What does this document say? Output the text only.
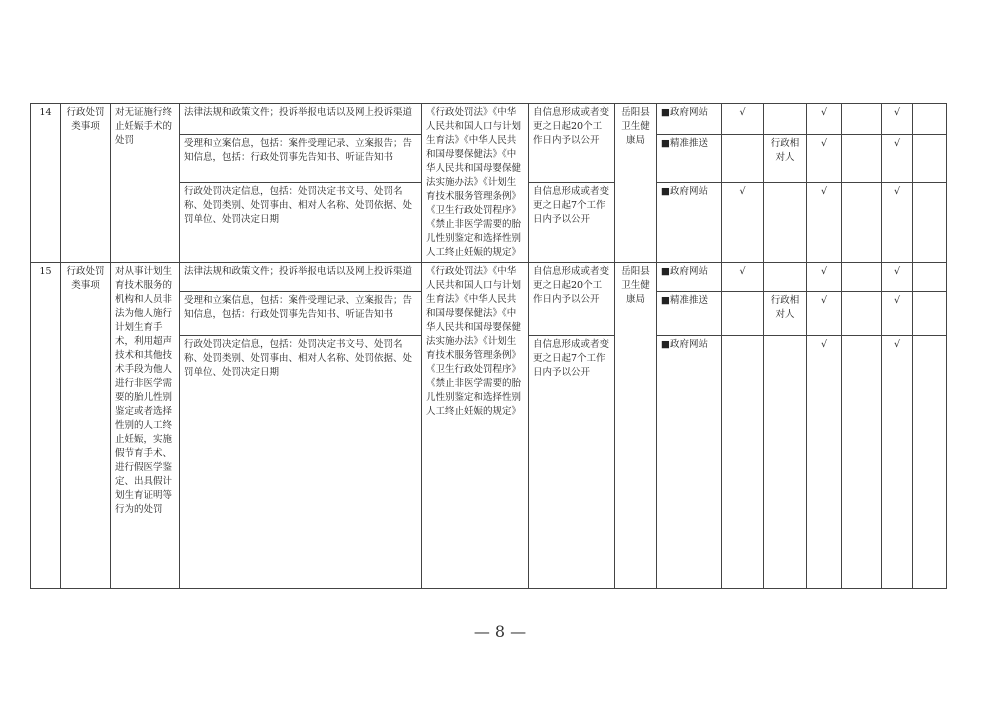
14	行政处罚类事项	对无证施行终止妊娠手术的处罚	法律法规和政策文件；投诉举报电话以及网上投诉渠道	《行政处罚法》《中华人民共和国人口与计划生育法》《中华人民共和国母婴保健法》《中华人民共和国母婴保健法实施办法》《计划生育技术服务管理条例》《卫生行政处罚程序》《禁止非医学需要的胎儿性别鉴定和选择性别人工终止妊娠的规定》	自信息形成或者变更之日起20个工作日内予以公开	岳阳县卫生健康局	■政府网站	√		√		√	
			受理和立案信息，包括：案件受理记录、立案报告；告知信息，包括：行政处罚事先告知书、听证告知书				■精准推送		行政相对人	√		√	
			行政处罚决定信息，包括：处罚决定书文号、处罚名称、处罚类别、处罚事由、相对人名称、处罚依据、处罚单位、处罚决定日期		自信息形成或者变更之日起7个工作日内予以公开		■政府网站	√		√		√	
15	行政处罚类事项	对从事计划生育技术服务的机构和人员非法为他人施行计划生育手术，利用超声技术和其他技术手段为他人进行非医学需要的胎儿性别鉴定或者选择性别的人工终止妊娠，实施假节育手术、进行假医学鉴定、出具假计划生育证明等行为的处罚	法律法规和政策文件；投诉举报电话以及网上投诉渠道	《行政处罚法》《中华人民共和国人口与计划生育法》《中华人民共和国母婴保健法》《中华人民共和国母婴保健法实施办法》《计划生育技术服务管理条例》《卫生行政处罚程序》《禁止非医学需要的胎儿性别鉴定和选择性别人工终止妊娠的规定》	自信息形成或者变更之日起20个工作日内予以公开	岳阳县卫生健康局	■政府网站	√		√		√	
			受理和立案信息，包括：案件受理记录、立案报告；告知信息，包括：行政处罚事先告知书、听证告知书				■精准推送		行政相对人	√		√	
			行政处罚决定信息，包括：处罚决定书文号、处罚名称、处罚类别、处罚事由、相对人名称、处罚依据、处罚单位、处罚决定日期		自信息形成或者变更之日起7个工作日内予以公开		■政府网站			√		√	
— 8 —
